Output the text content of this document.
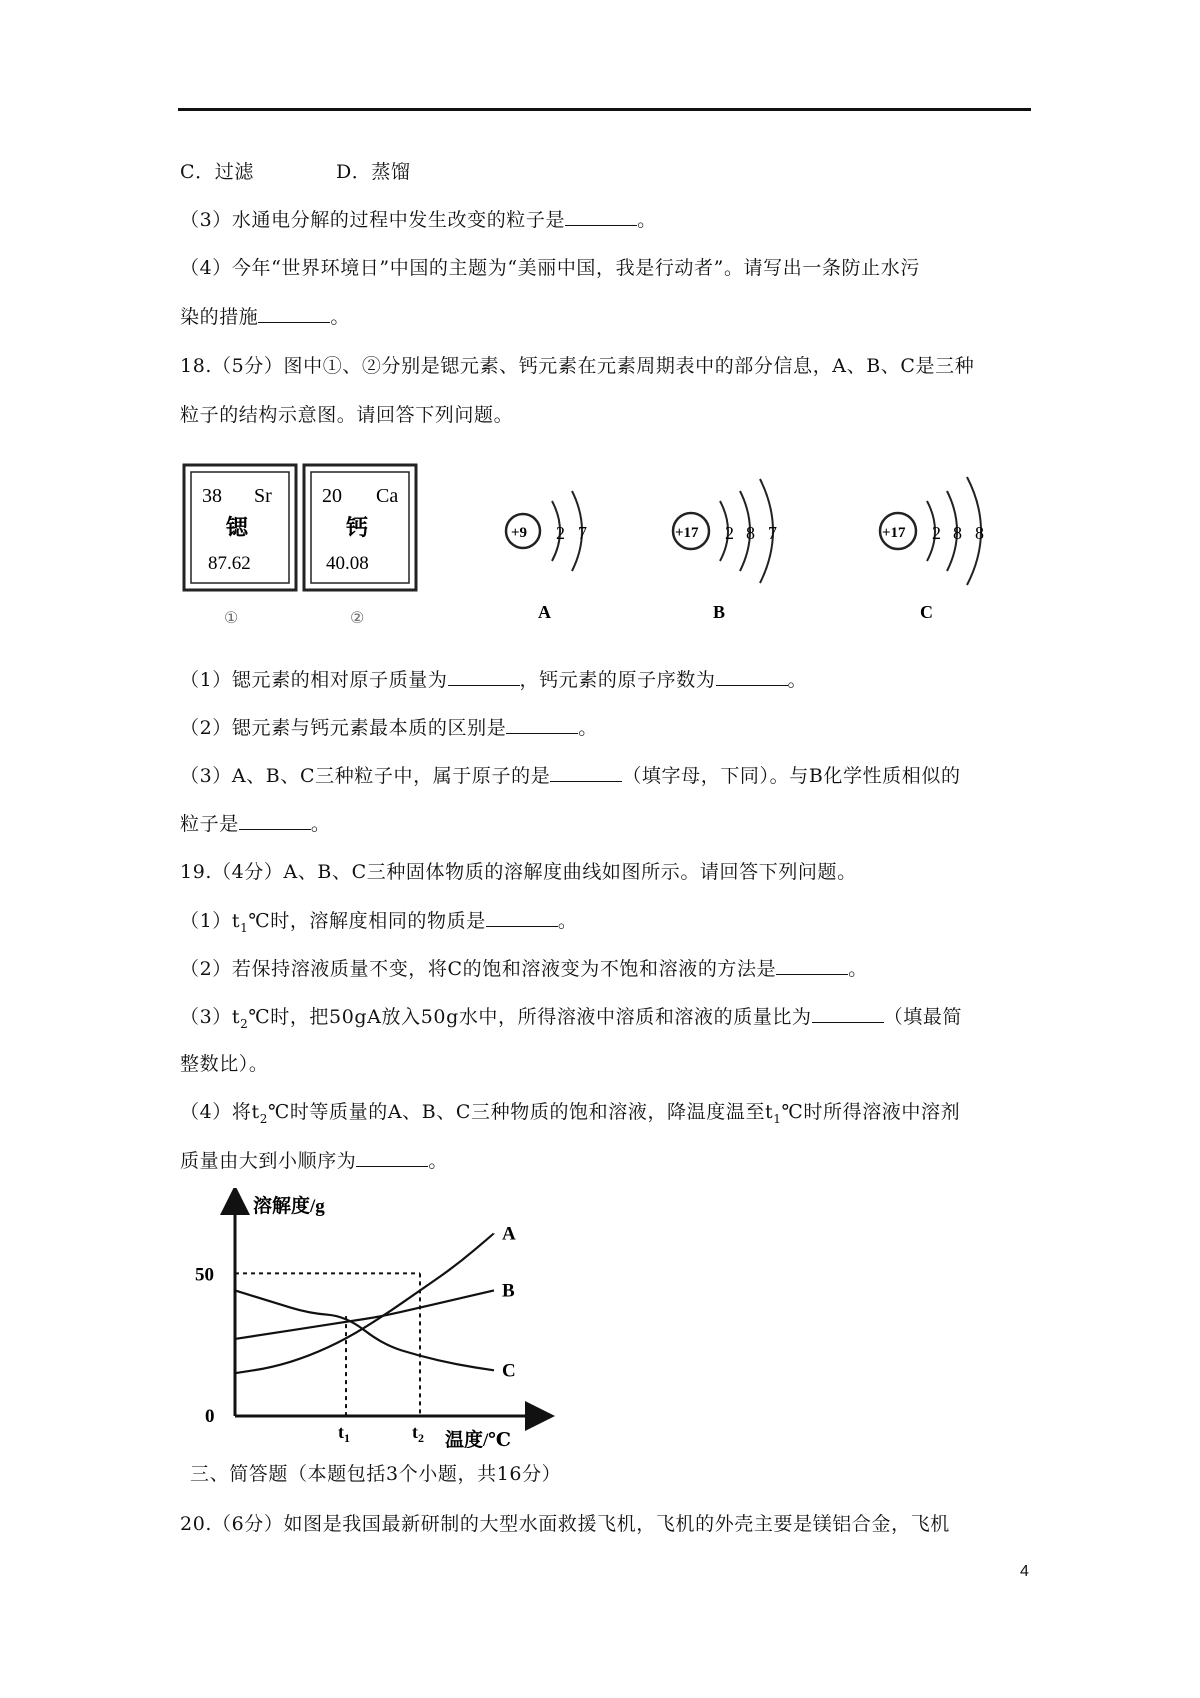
C．过滤	D．蒸馏
（3）水通电分解的过程中发生改变的粒子是	。
（4）今年“世界环境日”中国的主题为“美丽中国，我是行动者”。请写出一条防止水污
染的措施	。
18.（5分）图中①、②分别是锶元素、钙元素在元素周期表中的部分信息，A、B、C是三种
粒子的结构示意图。请回答下列问题。
38 Sr
锶
87.62
①
20 Ca
钙
40.08
②
+9 2 7
A
+17 2 8 7
B
+17 2 8 8
C
（1）锶元素的相对原子质量为	，钙元素的原子序数为	。
（2）锶元素与钙元素最本质的区别是	。
（3）A、B、C三种粒子中，属于原子的是	（填字母，下同）。与B化学性质相似的
粒子是	。
19.（4分）A、B、C三种固体物质的溶解度曲线如图所示。请回答下列问题。
$(1)t_1℃$时，溶解度相同的物质是	。
（2）若保持溶液质量不变，将C的饱和溶液变为不饱和溶液的方法是	。
$(3)t_2℃$时，把50gA放入50g水中，所得溶液中溶质和溶液的质量比为	（填最简
整数比）。
（4）将$t_2℃$时等质量的A、B、C三种物质的饱和溶液，降温度温至$t_1℃$时所得溶液中溶剂
质量由大到小顺序为	。
溶解度/g
温度/℃
0
50
A
B
C
$t_1$	$t_2$
三、简答题（本题包括3个小题，共16分）
20.（6分）如图是我国最新研制的大型水面救援飞机，飞机的外壳主要是镁铝合金，飞机
4
